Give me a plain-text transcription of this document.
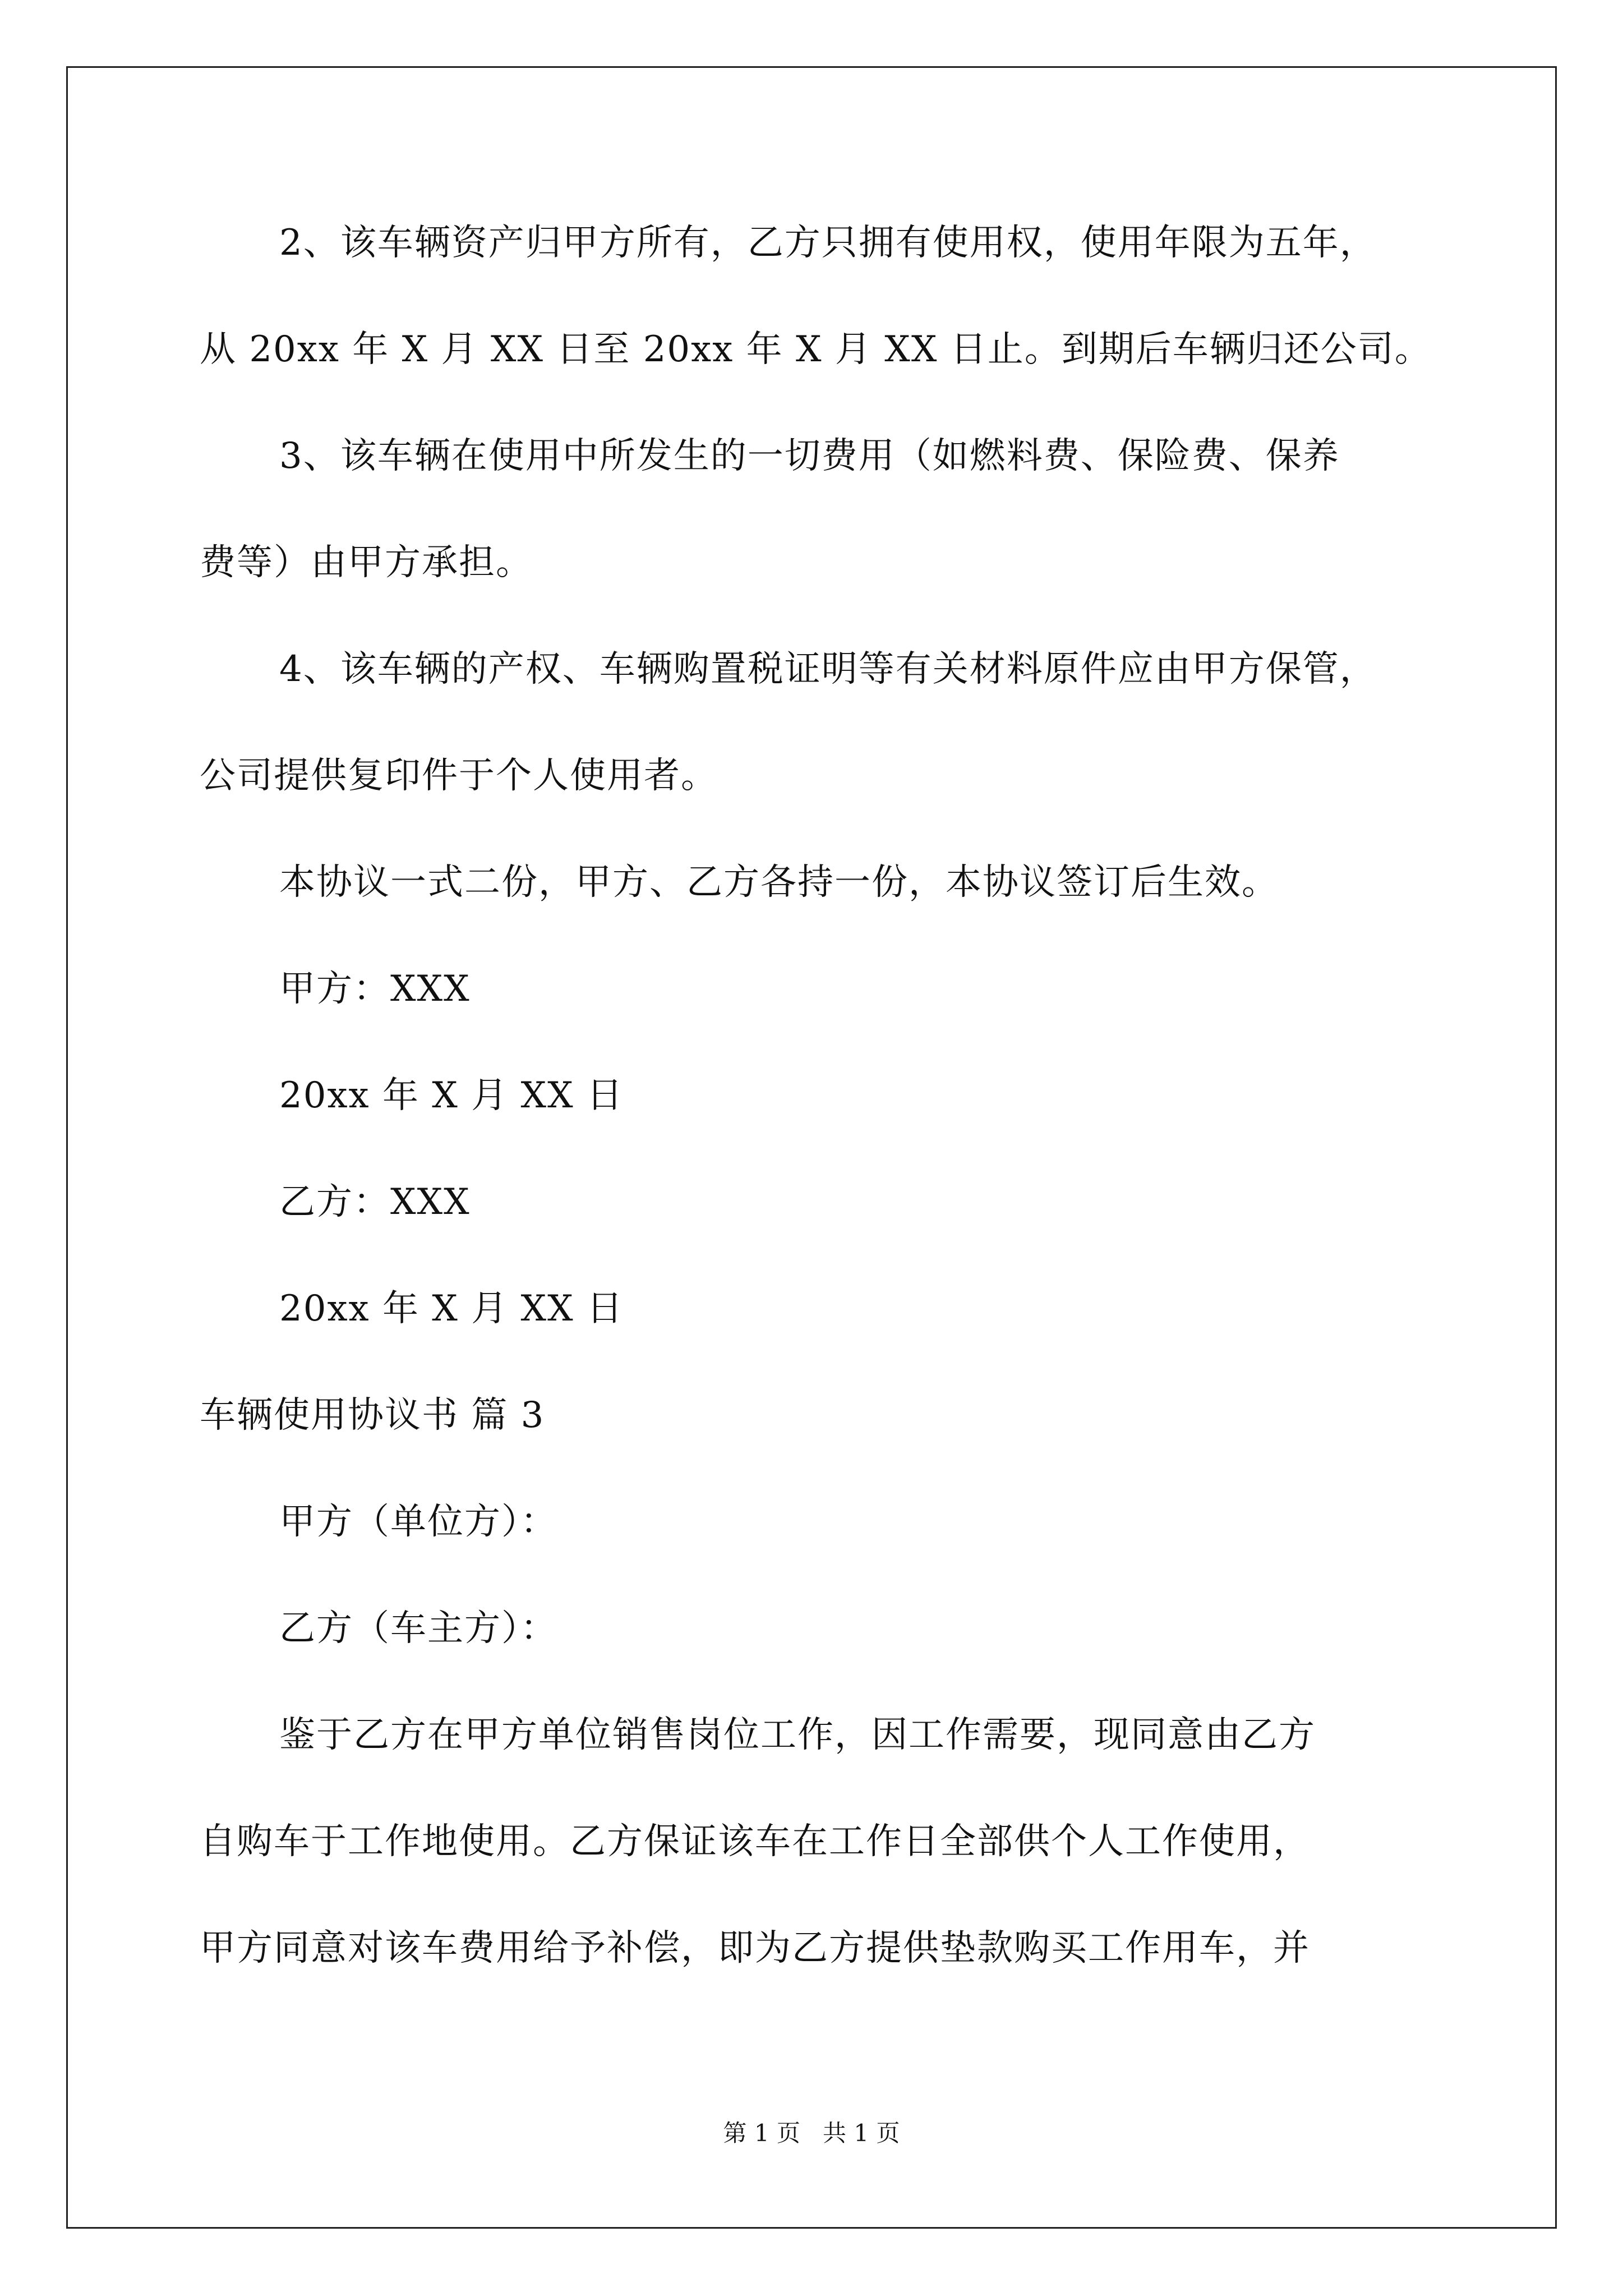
2、该车辆资产归甲方所有，乙方只拥有使用权，使用年限为五年，
从 20xx 年 X 月 XX 日至 20xx 年 X 月 XX 日止。到期后车辆归还公司。
3、该车辆在使用中所发生的一切费用（如燃料费、保险费、保养
费等）由甲方承担。
4、该车辆的产权、车辆购置税证明等有关材料原件应由甲方保管，
公司提供复印件于个人使用者。
本协议一式二份，甲方、乙方各持一份，本协议签订后生效。
甲方：XXX
20xx 年 X 月 XX 日
乙方：XXX
20xx 年 X 月 XX 日
车辆使用协议书 篇 3
甲方（单位方）：
乙方（车主方）：
鉴于乙方在甲方单位销售岗位工作，因工作需要，现同意由乙方
自购车于工作地使用。乙方保证该车在工作日全部供个人工作使用，
甲方同意对该车费用给予补偿，即为乙方提供垫款购买工作用车，并
第 1 页   共 1 页
